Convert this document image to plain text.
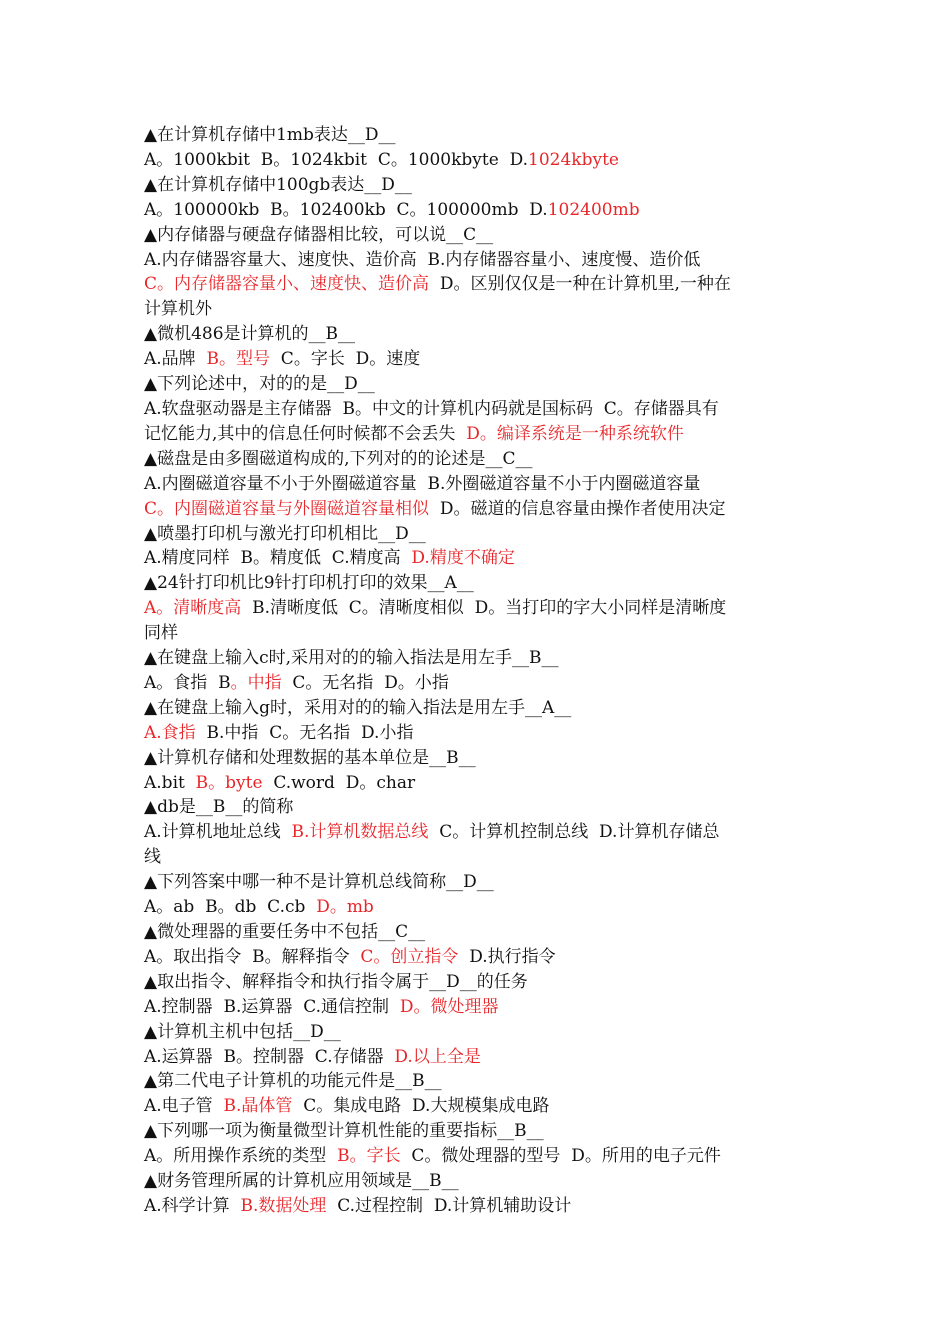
▲在计算机存储中1mb表达__D__
A。1000kbit  B。1024kbit  C。1000kbyte  D.1024kbyte
▲在计算机存储中100gb表达__D__
A。100000kb  B。102400kb  C。100000mb  D.102400mb
▲内存储器与硬盘存储器相比较，可以说__C__
A.内存储器容量大、速度快、造价高  B.内存储器容量小、速度慢、造价低
C。内存储器容量小、速度快、造价高  D。区别仅仅是一种在计算机里,一种在
计算机外
▲微机486是计算机的__B__
A.品牌  B。型号  C。字长  D。速度
▲下列论述中，对的的是__D__
A.软盘驱动器是主存储器  B。中文的计算机内码就是国标码  C。存储器具有
记忆能力,其中的信息任何时候都不会丢失  D。编译系统是一种系统软件
▲磁盘是由多圈磁道构成的,下列对的的论述是__C__
A.内圈磁道容量不小于外圈磁道容量  B.外圈磁道容量不小于内圈磁道容量
C。内圈磁道容量与外圈磁道容量相似  D。磁道的信息容量由操作者使用决定
▲喷墨打印机与激光打印机相比__D__
A.精度同样  B。精度低  C.精度高  D.精度不确定
▲24针打印机比9针打印机打印的效果__A__
A。清晰度高  B.清晰度低  C。清晰度相似  D。当打印的字大小同样是清晰度
同样
▲在键盘上输入c时,采用对的的输入指法是用左手__B__
A。食指  B。中指  C。无名指  D。小指
▲在键盘上输入g时，采用对的的输入指法是用左手__A__
A.食指  B.中指  C。无名指  D.小指
▲计算机存储和处理数据的基本单位是__B__
A.bit  B。byte  C.word  D。char
▲db是__B__的简称
A.计算机地址总线  B.计算机数据总线  C。计算机控制总线  D.计算机存储总
线
▲下列答案中哪一种不是计算机总线简称__D__
A。ab  B。db  C.cb  D。mb
▲微处理器的重要任务中不包括__C__
A。取出指令  B。解释指令  C。创立指令  D.执行指令
▲取出指令、解释指令和执行指令属于__D__的任务
A.控制器  B.运算器  C.通信控制  D。微处理器
▲计算机主机中包括__D__
A.运算器  B。控制器  C.存储器  D.以上全是
▲第二代电子计算机的功能元件是__B__
A.电子管  B.晶体管  C。集成电路  D.大规模集成电路
▲下列哪一项为衡量微型计算机性能的重要指标__B__
A。所用操作系统的类型  B。字长  C。微处理器的型号  D。所用的电子元件
▲财务管理所属的计算机应用领域是__B__
A.科学计算  B.数据处理  C.过程控制  D.计算机辅助设计
